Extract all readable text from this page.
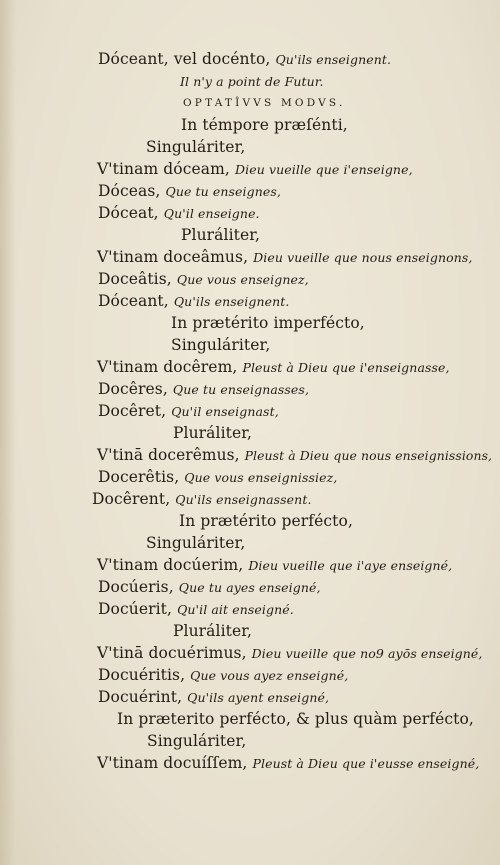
Dóceant, vel docénto, Qu'ils enseignent.
Il n'y a point de Futur.
OPTATÎVVS MODVS.
In témpore præſénti,
Singuláriter,
V'tinam dóceam, Dieu vueille que i'enseigne,
Dóceas, Que tu enseignes,
Dóceat, Qu'il enseigne.
Pluráliter,
V'tinam doceâmus, Dieu vueille que nous enseignons,
Doceâtis, Que vous enseignez,
Dóceant, Qu'ils enseignent.
In prætérito imperfécto,
Singuláriter,
V'tinam docêrem, Pleust à Dieu que i'enseignasse,
Docêres, Que tu enseignasses,
Docêret, Qu'il enseignast,
Pluráliter,
V'tinā docerêmus, Pleust à Dieu que nous enseignissions,
Docerêtis, Que vous enseignissiez,
Docêrent, Qu'ils enseignassent.
In prætérito perfécto,
Singuláriter,
V'tinam docúerim, Dieu vueille que i'aye enseigné,
Docúeris, Que tu ayes enseigné,
Docúerit, Qu'il ait enseigné.
Pluráliter,
V'tinā docuérimus, Dieu vueille que no9 ayōs enseigné,
Docuéritis, Que vous ayez enseigné,
Docuérint, Qu'ils ayent enseigné,
In præterito perfécto, & plus quàm perfécto,
Singuláriter,
V'tinam docuíſſem, Pleust à Dieu que i'eusse enseigné,
